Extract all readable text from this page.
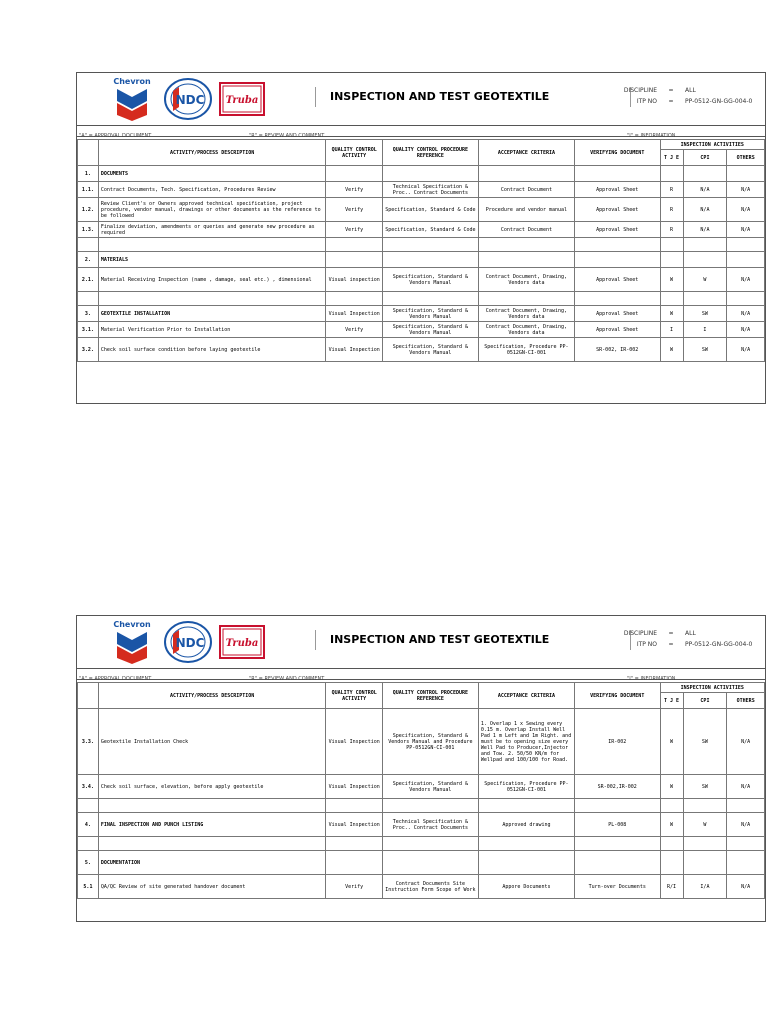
Chevron
NDC Truba	INSPECTION AND TEST GEOTEXTILE	DISCIPLINE	=	ALL
ITP NO	=	PP-0512-GN-GG-004-0
"A" = APPROVAL DOCUMENT	"R" = REVIEW AND COMMENT	"I" = INFORMATION
	ACTIVITY/PROCESS DESCRIPTION	QUALITY CONTROL ACTIVITY	QUALITY CONTROL PROCEDURE REFERENCE	ACCEPTANCE CRITERIA	VERIFYING DOCUMENT	INSPECTION ACTIVITIES		
						T J E	CPI	OTHERS
1.	DOCUMENTS							
1.1.	Contract Documents, Tech. Specification, Procedures Review	Verify	Technical Specification & Proc.. Contract Documents	Contract Document	Approval Sheet	R	N/A	N/A
1.2.	Review Client's or Owners approved technical specification, project procedure, vendor manual, drawings or other documents as the reference to be followed	Verify	Specification, Standard & Code	Procedure and vendor manual	Approval Sheet	R	N/A	N/A
1.3.	Finalize deviation, amendments or queries and generate new procedure as required	Verify	Specification, Standard & Code	Contract Document	Approval Sheet	R	N/A	N/A

2.	MATERIALS							
2.1.	Material Receiving Inspection (name , damage, seal etc.) , dimensional	Visual inspection	Specification, Standard & Vendors Manual	Contract Document, Drawing, Vendors data	Approval Sheet	W	W	N/A

3.	GEOTEXTILE INSTALLATION	Visual Inspection	Specification, Standard & Vendors Manual	Contract Document, Drawing, Vendors data	Approval Sheet	W	SW	N/A
3.1.	Material Verification Prior to Installation	Verify	Specification, Standard & Vendors Manual	Contract Document, Drawing, Vendors data	Approval Sheet	I	I	N/A
3.2.	Check soil surface condition before laying geotextile	Visual Inspection	Specification, Standard & Vendors Manual	Specification, Procedure PP-0512GN-CI-001	SR-002, IR-002	W	SW	N/A
Chevron
NDC Truba	INSPECTION AND TEST GEOTEXTILE	DISCIPLINE	=	ALL
ITP NO	=	PP-0512-GN-GG-004-0
"A" = APPROVAL DOCUMENT	"R" = REVIEW AND COMMENT	"I" = INFORMATION
	ACTIVITY/PROCESS DESCRIPTION	QUALITY CONTROL ACTIVITY	QUALITY CONTROL PROCEDURE REFERENCE	ACCEPTANCE CRITERIA	VERIFYING DOCUMENT	INSPECTION ACTIVITIES		
						T J E	CPI	OTHERS
3.3.	Geotextile Installation Check	Visual Inspection	Specification, Standard & Vendors Manual and Procedure PP-0512GN-CI-001	1. Overlap 1 x Sewing every 0.15 m. Overlap Install Well Pad 1 m Left and 1m Right. and must be to opening size every Well Pad to Producer,Injector and Tow. 2. 50/50 KN/m for Wellpad and 100/100 for Road.	IR-002	W	SW	N/A
3.4.	Check soil surface, elevation, before apply geotextile	Visual Inspection	Specification, Standard & Vendors Manual	Specification, Procedure PP-0512GN-CI-001	SR-002,IR-002	W	SW	N/A

4.	FINAL INSPECTION AND PUNCH LISTING	Visual Inspection	Technical Specification & Proc.. Contract Documents	Approved drawing	PL-008	W	W	N/A

5.	DOCUMENTATION							
5.1	QA/QC Review of site generated handover document	Verify	Contract Documents Site Instruction Form Scope of Work	Appore Documents	Turn-over Documents	R/I	I/A	N/A
